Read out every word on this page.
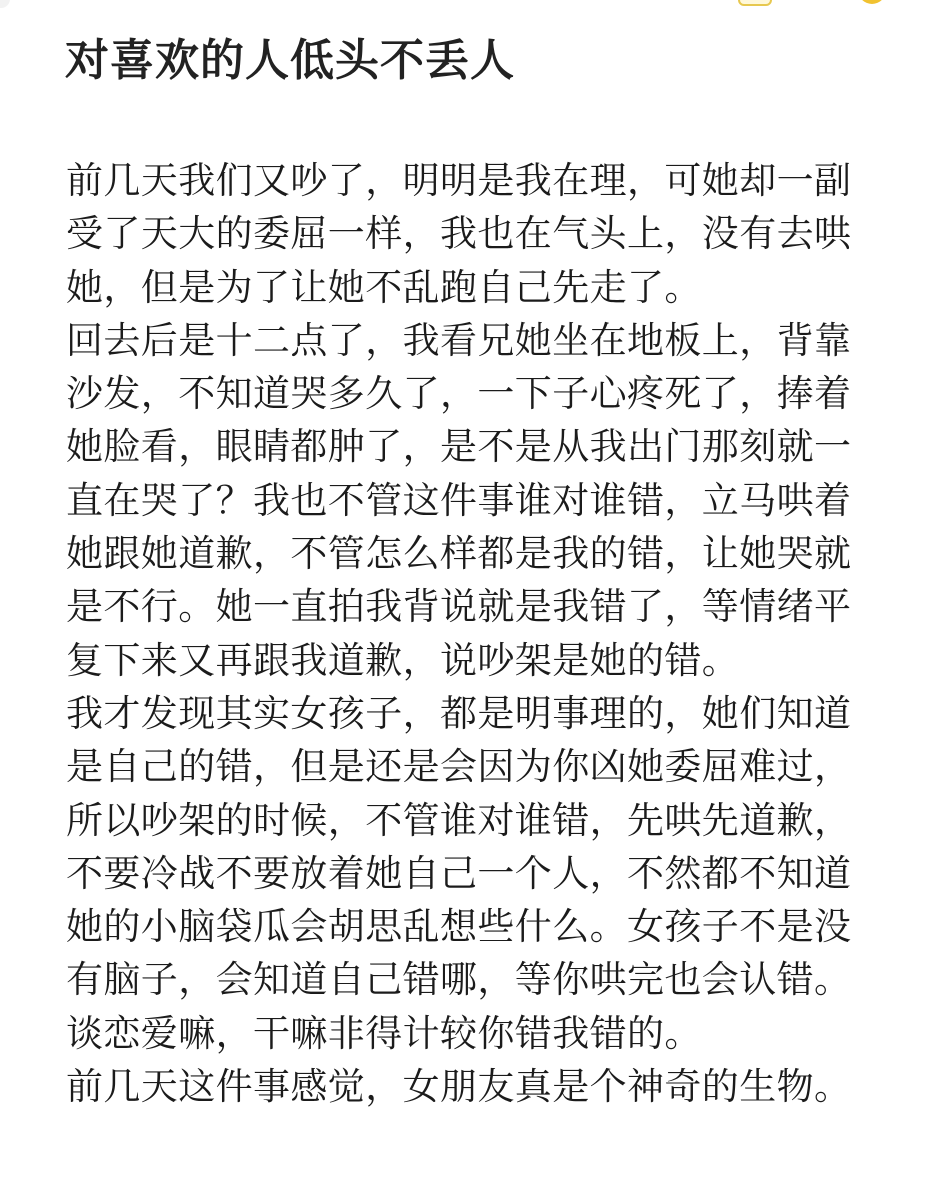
对喜欢的人低头不丢人
前几天我们又吵了，明明是我在理，可她却一副
受了天大的委屈一样，我也在气头上，没有去哄
她，但是为了让她不乱跑自己先走了。
回去后是十二点了，我看兄她坐在地板上，背靠
沙发，不知道哭多久了，一下子心疼死了，捧着
她脸看，眼睛都肿了，是不是从我出门那刻就一
直在哭了？我也不管这件事谁对谁错，立马哄着
她跟她道歉，不管怎么样都是我的错，让她哭就
是不行。她一直拍我背说就是我错了，等情绪平
复下来又再跟我道歉，说吵架是她的错。
我才发现其实女孩子，都是明事理的，她们知道
是自己的错，但是还是会因为你凶她委屈难过，
所以吵架的时候，不管谁对谁错，先哄先道歉，
不要冷战不要放着她自己一个人，不然都不知道
她的小脑袋瓜会胡思乱想些什么。女孩子不是没
有脑子，会知道自己错哪，等你哄完也会认错。
谈恋爱嘛，干嘛非得计较你错我错的。
前几天这件事感觉，女朋友真是个神奇的生物。
